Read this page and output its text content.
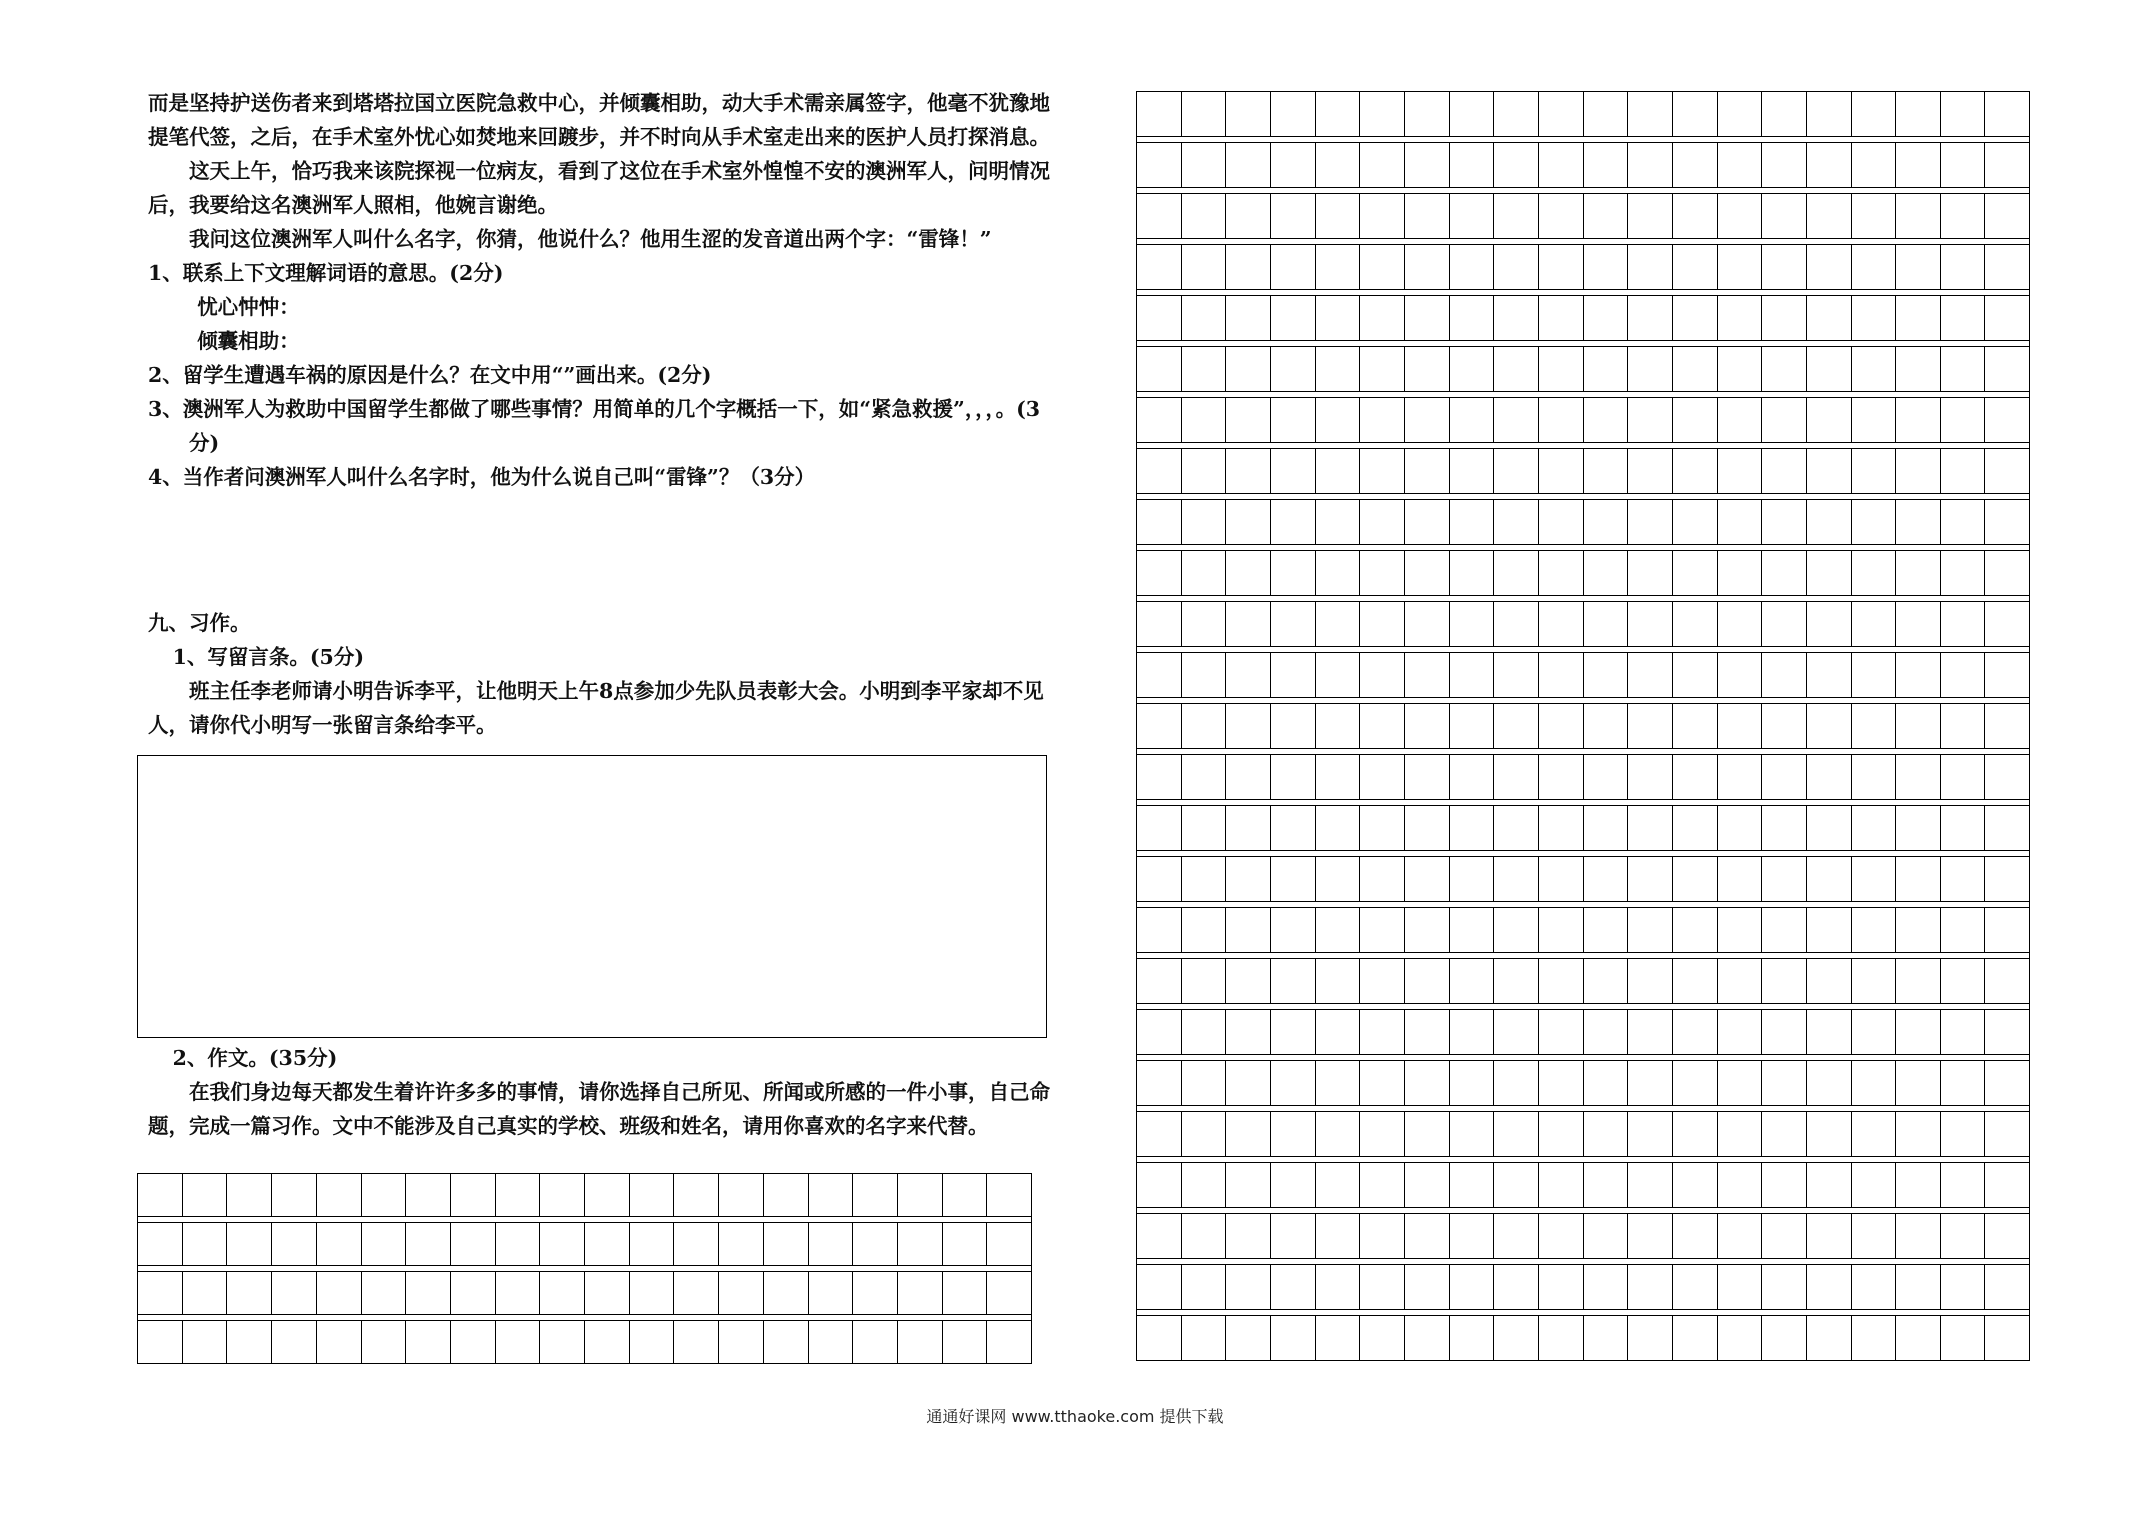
而是坚持护送伤者来到塔塔拉国立医院急救中心，并倾囊相助，动大手术需亲属签字，他毫不犹豫地提笔代签，之后，在手术室外忧心如焚地来回踱步，并不时向从手术室走出来的医护人员打探消息。

这天上午，恰巧我来该院探视一位病友，看到了这位在手术室外惶惶不安的澳洲军人，问明情况后，我要给这名澳洲军人照相，他婉言谢绝。

我问这位澳洲军人叫什么名字，你猜，他说什么？他用生涩的发音道出两个字：“雷锋！”

1、联系上下文理解词语的意思。(2分)

忧心忡忡：

倾囊相助：

2、留学生遭遇车祸的原因是什么？在文中用“”画出来。(2分)

3、澳洲军人为救助中国留学生都做了哪些事情？用简单的几个字概括一下，如“紧急救援”，，，。(3分)

4、当作者问澳洲军人叫什么名字时，他为什么说自己叫“雷锋”？（3分）

九、习作。

1、写留言条。(5分)

班主任李老师请小明告诉李平，让他明天上午8点参加少先队员表彰大会。小明到李平家却不见人，请你代小明写一张留言条给李平。

2、作文。(35分)

在我们身边每天都发生着许许多多的事情，请你选择自己所见、所闻或所感的一件小事，自己命题，完成一篇习作。文中不能涉及自己真实的学校、班级和姓名，请用你喜欢的名字来代替。

通通好课网 www.tthaoke.com 提供下载
